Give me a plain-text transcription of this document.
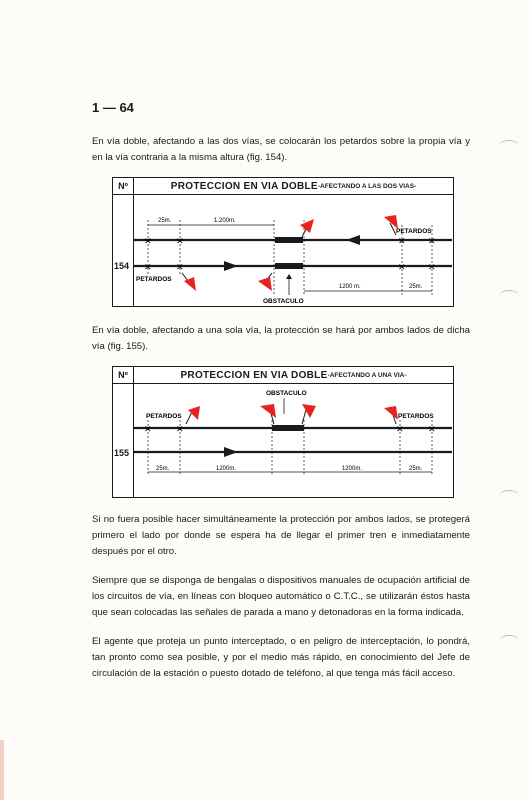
1 — 64

En vía doble, afectando a las dos vías, se colocarán los petardos sobre la propia vía y en la vía contraria a la misma altura (fig. 154).

Nº	PROTECCION EN VIA DOBLE -AFECTANDO A LAS DOS VIAS-
154
25m.	1.200m.
✕	✕
✕	✕
✕ ✕
✕ ✕
1200 m.	25m.
PETARDOS
PETARDOS
OBSTACULO

En vía doble, afectando a una sola vía, la protección se hará por ambos lados de dicha vía (fig. 155).

Nº	PROTECCION EN VIA DOBLE -AFECTANDO A UNA VIA-
155
OBSTACULO
✕	✕	✕	✕
PETARDOS	PETARDOS
25m.	1200m.	1200m.	25m.

Si no fuera posible hacer simultáneamente la protección por ambos lados, se protegerá primero el lado por donde se espera ha de llegar el primer tren e inmediatamente después por el otro.

Siempre que se disponga de bengalas o dispositivos manuales de ocupación artificial de los circuitos de vía, en líneas con bloqueo automático o C.T.C., se utilizarán éstos hasta que sean colocadas las señales de parada a mano y detonadoras en la forma indicada.

El agente que proteja un punto interceptado, o en peligro de interceptación, lo pondrá, tan pronto como sea posible, y por el medio más rápido, en conocimiento del Jefe de circulación de la estación o puesto dotado de teléfono, al que tenga más fácil acceso.
